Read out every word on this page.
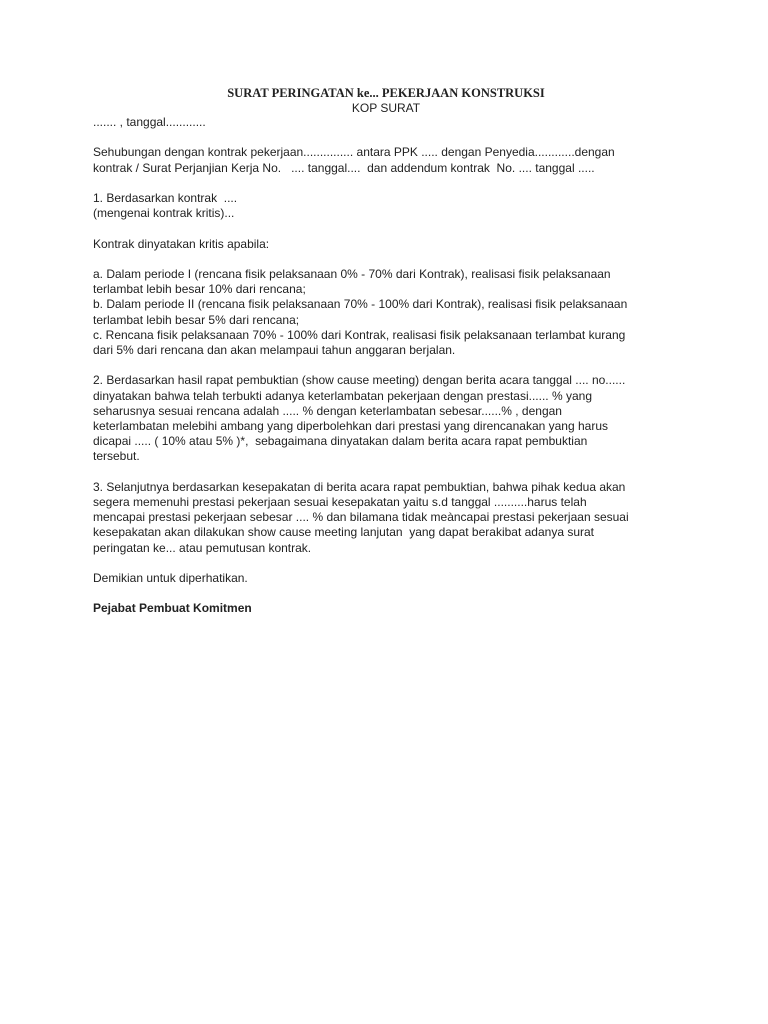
SURAT PERINGATAN ke... PEKERJAAN KONSTRUKSI

KOP SURAT

....... , tanggal............

Sehubungan dengan kontrak pekerjaan............... antara PPK ..... dengan Penyedia............dengan
kontrak / Surat Perjanjian Kerja No.   .... tanggal....  dan addendum kontrak  No. .... tanggal .....
1. Berdasarkan kontrak  ....
(mengenai kontrak kritis)...

Kontrak dinyatakan kritis apabila:

a. Dalam periode I (rencana fisik pelaksanaan 0% - 70% dari Kontrak), realisasi fisik pelaksanaan
terlambat lebih besar 10% dari rencana;
b. Dalam periode II (rencana fisik pelaksanaan 70% - 100% dari Kontrak), realisasi fisik pelaksanaan
terlambat lebih besar 5% dari rencana;
c. Rencana fisik pelaksanaan 70% - 100% dari Kontrak, realisasi fisik pelaksanaan terlambat kurang
dari 5% dari rencana dan akan melampaui tahun anggaran berjalan.
2. Berdasarkan hasil rapat pembuktian (show cause meeting) dengan berita acara tanggal .... no......
dinyatakan bahwa telah terbukti adanya keterlambatan pekerjaan dengan prestasi...... % yang
seharusnya sesuai rencana adalah ..... % dengan keterlambatan sebesar......% , dengan
keterlambatan melebihi ambang yang diperbolehkan dari prestasi yang direncanakan yang harus
dicapai ..... ( 10% atau 5% )*,  sebagaimana dinyatakan dalam berita acara rapat pembuktian
tersebut.
3. Selanjutnya berdasarkan kesepakatan di berita acara rapat pembuktian, bahwa pihak kedua akan
segera memenuhi prestasi pekerjaan sesuai kesepakatan yaitu s.d tanggal ..........harus telah
mencapai prestasi pekerjaan sebesar .... % dan bilamana tidak meàncapai prestasi pekerjaan sesuai
kesepakatan akan dilakukan show cause meeting lanjutan  yang dapat berakibat adanya surat
peringatan ke... atau pemutusan kontrak.

Demikian untuk diperhatikan.

Pejabat Pembuat Komitmen
